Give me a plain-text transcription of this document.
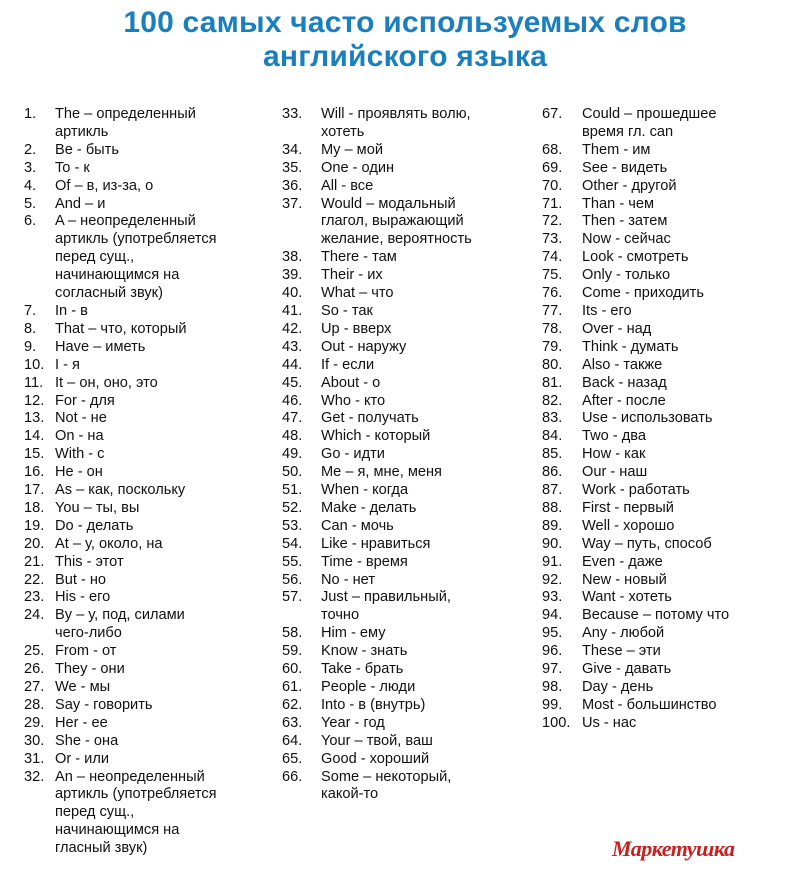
100 самых часто используемых слов
английского языка
1.	The – определенный
артикль
2.	Be - быть
3.	To - к
4.	Of – в, из-за, о
5.	And – и
6.	A – неопределенный
артикль (употребляется
перед сущ.,
начинающимся на
согласный звук)
7.	In - в
8.	That – что, который
9.	Have – иметь
10. I - я
11. It – он, оно, это
12. For - для
13. Not - не
14. On - на
15. With - с
16. He - он
17. As – как, поскольку
18. You – ты, вы
19. Do - делать
20. At – у, около, на
21. This - этот
22. But - но
23. His - его
24. By – у, под, силами
чего-либо
25. From - от
26. They - они
27. We - мы
28. Say - говорить
29. Her - ее
30. She - она
31. Or - или
32. An – неопределенный
артикль (употребляется
перед сущ.,
начинающимся на
гласный звук)
33.	Will - проявлять волю,
хотеть
34.	My – мой
35.	One - один
36.	All - все
37.	Would – модальный
глагол, выражающий
желание, вероятность
38.	There - там
39.	Their - их
40.	What – что
41.	So - так
42.	Up - вверх
43.	Out - наружу
44.	If - если
45.	About - о
46.	Who - кто
47.	Get - получать
48.	Which - который
49.	Go - идти
50.	Me – я, мне, меня
51.	When - когда
52.	Make - делать
53.	Can - мочь
54.	Like - нравиться
55.	Time - время
56.	No - нет
57.	Just – правильный,
точно
58.	Him - ему
59.	Know - знать
60.	Take - брать
61.	People - люди
62.	Into - в (внутрь)
63.	Year - год
64.	Your – твой, ваш
65.	Good - хороший
66.	Some – некоторый,
какой-то
67.	Could – прошедшее
время гл. can
68.	Them - им
69.	See - видеть
70.	Other - другой
71.	Than - чем
72.	Then - затем
73.	Now - сейчас
74.	Look - смотреть
75.	Only - только
76.	Come - приходить
77.	Its - его
78.	Over - над
79.	Think - думать
80.	Also - также
81.	Back - назад
82.	After - после
83.	Use - использовать
84.	Two - два
85.	How - как
86.	Our - наш
87.	Work - работать
88.	First - первый
89.	Well - хорошо
90.	Way – путь, способ
91.	Even - даже
92.	New - новый
93.	Want - хотеть
94.	Because – потому что
95.	Any - любой
96.	These – эти
97.	Give - давать
98.	Day - день
99.	Most - большинство
100. Us - нас
Маркетушка
